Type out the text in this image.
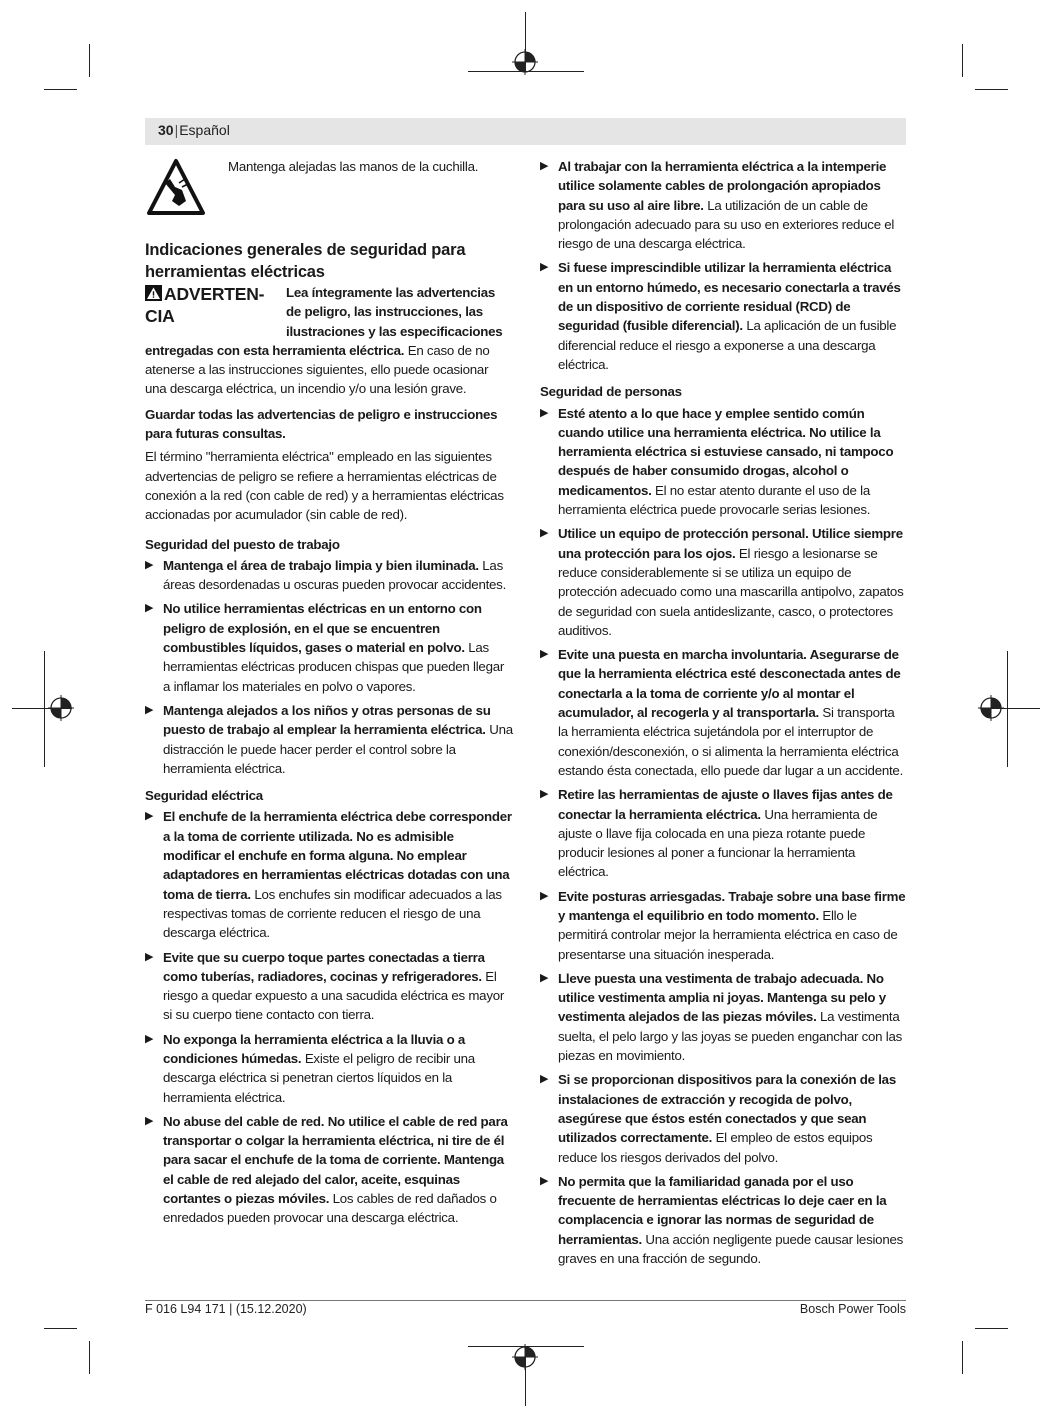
30|Español

Mantenga alejadas las manos de la cuchilla.

Indicaciones generales de seguridad para herramientas eléctricas

ADVERTEN-CIA

Lea íntegramente las advertencias de peligro, las instrucciones, las ilustraciones y las especificaciones entregadas con esta herramienta eléctrica. En caso de no atenerse a las instrucciones siguientes, ello puede ocasionar una descarga eléctrica, un incendio y/o una lesión grave.

Guardar todas las advertencias de peligro e instrucciones para futuras consultas.

El término "herramienta eléctrica" empleado en las siguientes advertencias de peligro se refiere a herramientas eléctricas de conexión a la red (con cable de red) y a herramientas eléctricas accionadas por acumulador (sin cable de red).

Seguridad del puesto de trabajo

▶ Mantenga el área de trabajo limpia y bien iluminada. Las áreas desordenadas u oscuras pueden provocar accidentes.
▶ No utilice herramientas eléctricas en un entorno con peligro de explosión, en el que se encuentren combustibles líquidos, gases o material en polvo. Las herramientas eléctricas producen chispas que pueden llegar a inflamar los materiales en polvo o vapores.
▶ Mantenga alejados a los niños y otras personas de su puesto de trabajo al emplear la herramienta eléctrica. Una distracción le puede hacer perder el control sobre la herramienta eléctrica.

Seguridad eléctrica

▶ El enchufe de la herramienta eléctrica debe corresponder a la toma de corriente utilizada. No es admisible modificar el enchufe en forma alguna. No emplear adaptadores en herramientas eléctricas dotadas con una toma de tierra. Los enchufes sin modificar adecuados a las respectivas tomas de corriente reducen el riesgo de una descarga eléctrica.
▶ Evite que su cuerpo toque partes conectadas a tierra como tuberías, radiadores, cocinas y refrigeradores. El riesgo a quedar expuesto a una sacudida eléctrica es mayor si su cuerpo tiene contacto con tierra.
▶ No exponga la herramienta eléctrica a la lluvia o a condiciones húmedas. Existe el peligro de recibir una descarga eléctrica si penetran ciertos líquidos en la herramienta eléctrica.
▶ No abuse del cable de red. No utilice el cable de red para transportar o colgar la herramienta eléctrica, ni tire de él para sacar el enchufe de la toma de corriente. Mantenga el cable de red alejado del calor, aceite, esquinas cortantes o piezas móviles. Los cables de red dañados o enredados pueden provocar una descarga eléctrica.
▶ Al trabajar con la herramienta eléctrica a la intemperie utilice solamente cables de prolongación apropiados para su uso al aire libre. La utilización de un cable de prolongación adecuado para su uso en exteriores reduce el riesgo de una descarga eléctrica.
▶ Si fuese imprescindible utilizar la herramienta eléctrica en un entorno húmedo, es necesario conectarla a través de un dispositivo de corriente residual (RCD) de seguridad (fusible diferencial). La aplicación de un fusible diferencial reduce el riesgo a exponerse a una descarga eléctrica.

Seguridad de personas

▶ Esté atento a lo que hace y emplee sentido común cuando utilice una herramienta eléctrica. No utilice la herramienta eléctrica si estuviese cansado, ni tampoco después de haber consumido drogas, alcohol o medicamentos. El no estar atento durante el uso de la herramienta eléctrica puede provocarle serias lesiones.
▶ Utilice un equipo de protección personal. Utilice siempre una protección para los ojos. El riesgo a lesionarse se reduce considerablemente si se utiliza un equipo de protección adecuado como una mascarilla antipolvo, zapatos de seguridad con suela antideslizante, casco, o protectores auditivos.
▶ Evite una puesta en marcha involuntaria. Asegurarse de que la herramienta eléctrica esté desconectada antes de conectarla a la toma de corriente y/o al montar el acumulador, al recogerla y al transportarla. Si transporta la herramienta eléctrica sujetándola por el interruptor de conexión/desconexión, o si alimenta la herramienta eléctrica estando ésta conectada, ello puede dar lugar a un accidente.
▶ Retire las herramientas de ajuste o llaves fijas antes de conectar la herramienta eléctrica. Una herramienta de ajuste o llave fija colocada en una pieza rotante puede producir lesiones al poner a funcionar la herramienta eléctrica.
▶ Evite posturas arriesgadas. Trabaje sobre una base firme y mantenga el equilibrio en todo momento. Ello le permitirá controlar mejor la herramienta eléctrica en caso de presentarse una situación inesperada.
▶ Lleve puesta una vestimenta de trabajo adecuada. No utilice vestimenta amplia ni joyas. Mantenga su pelo y vestimenta alejados de las piezas móviles. La vestimenta suelta, el pelo largo y las joyas se pueden enganchar con las piezas en movimiento.
▶ Si se proporcionan dispositivos para la conexión de las instalaciones de extracción y recogida de polvo, asegúrese que éstos estén conectados y que sean utilizados correctamente. El empleo de estos equipos reduce los riesgos derivados del polvo.
▶ No permita que la familiaridad ganada por el uso frecuente de herramientas eléctricas lo deje caer en la complacencia e ignorar las normas de seguridad de herramientas. Una acción negligente puede causar lesiones graves en una fracción de segundo.
F 016 L94 171 | (15.12.2020)	Bosch Power Tools
